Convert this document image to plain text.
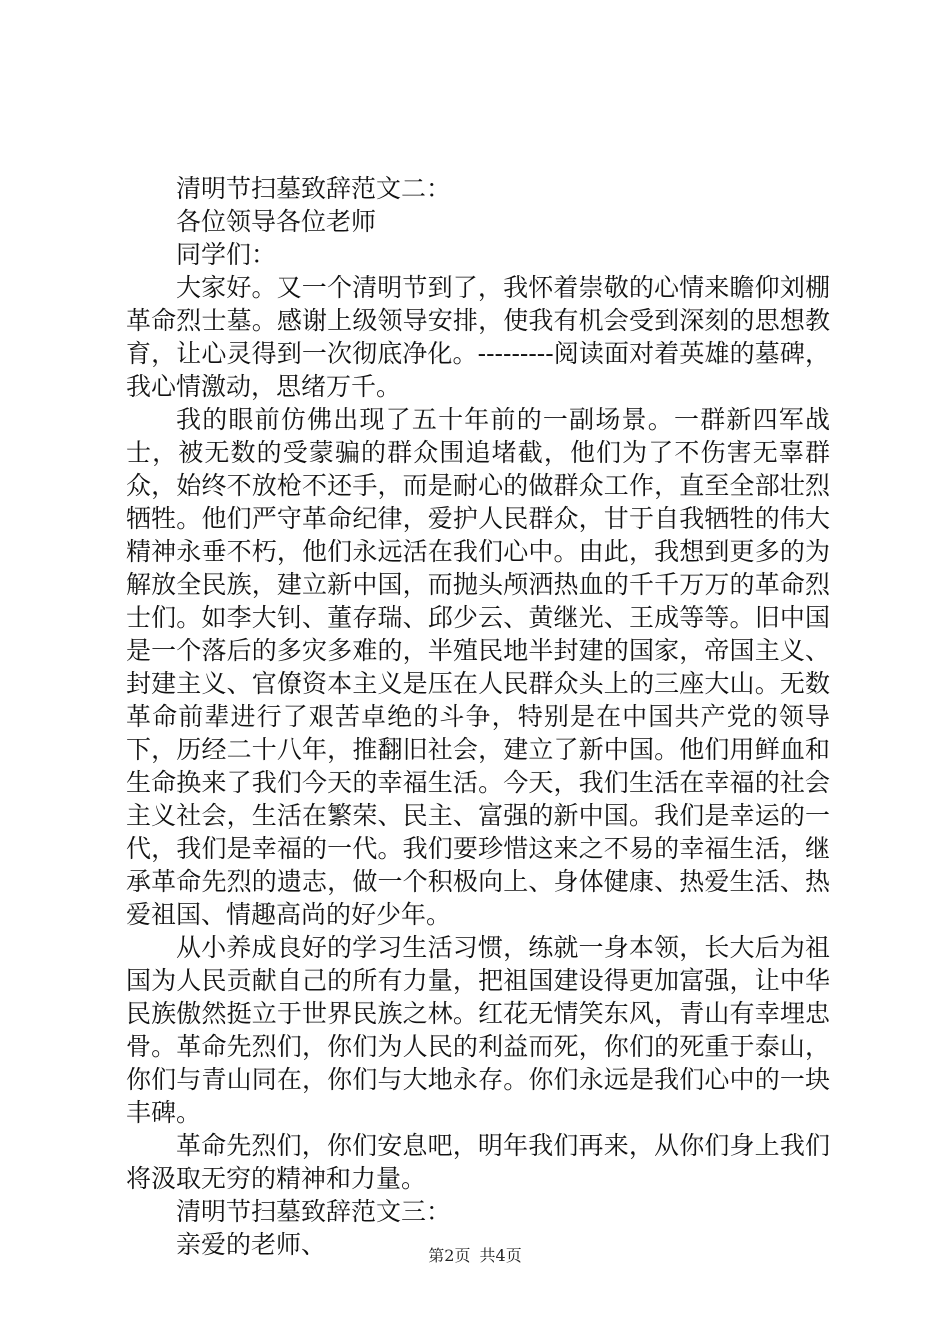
清明节扫墓致辞范文二：

各位领导各位老师

同学们：

大家好。又一个清明节到了，我怀着崇敬的心情来瞻仰刘棚革命烈士墓。感谢上级领导安排，使我有机会受到深刻的思想教育，让心灵得到一次彻底净化。---------阅读面对着英雄的墓碑，我心情激动，思绪万千。

我的眼前仿佛出现了五十年前的一副场景。一群新四军战士，被无数的受蒙骗的群众围追堵截，他们为了不伤害无辜群众，始终不放枪不还手，而是耐心的做群众工作，直至全部壮烈牺牲。他们严守革命纪律，爱护人民群众，甘于自我牺牲的伟大精神永垂不朽，他们永远活在我们心中。由此，我想到更多的为解放全民族，建立新中国，而抛头颅洒热血的千千万万的革命烈士们。如李大钊、董存瑞、邱少云、黄继光、王成等等。旧中国是一个落后的多灾多难的，半殖民地半封建的国家，帝国主义、封建主义、官僚资本主义是压在人民群众头上的三座大山。无数革命前辈进行了艰苦卓绝的斗争，特别是在中国共产党的领导下，历经二十八年，推翻旧社会，建立了新中国。他们用鲜血和生命换来了我们今天的幸福生活。今天，我们生活在幸福的社会主义社会，生活在繁荣、民主、富强的新中国。我们是幸运的一代，我们是幸福的一代。我们要珍惜这来之不易的幸福生活，继承革命先烈的遗志，做一个积极向上、身体健康、热爱生活、热爱祖国、情趣高尚的好少年。

从小养成良好的学习生活习惯，练就一身本领，长大后为祖国为人民贡献自己的所有力量，把祖国建设得更加富强，让中华民族傲然挺立于世界民族之林。红花无情笑东风，青山有幸埋忠骨。革命先烈们，你们为人民的利益而死，你们的死重于泰山，你们与青山同在，你们与大地永存。你们永远是我们心中的一块丰碑。

革命先烈们，你们安息吧，明年我们再来，从你们身上我们将汲取无穷的精神和力量。

清明节扫墓致辞范文三：

亲爱的老师、	第2页 共4页
